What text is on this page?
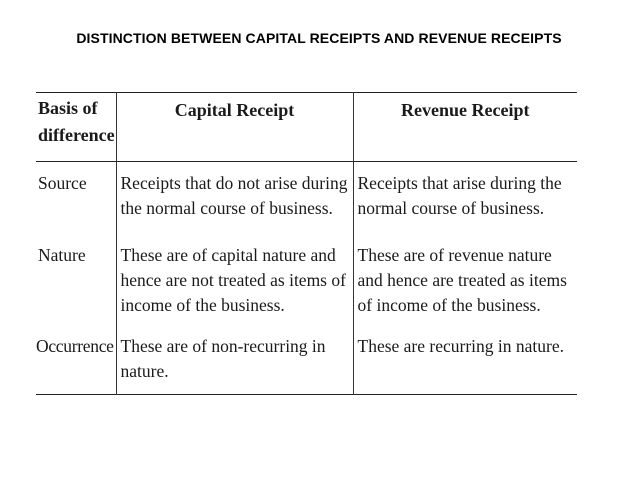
DISTINCTION BETWEEN CAPITAL RECEIPTS AND REVENUE RECEIPTS
Basis of difference	Capital Receipt	Revenue Receipt
Source	Receipts that do not arise during the normal course of business.	Receipts that arise during the normal course of business.
Nature	These are of capital nature and hence are not treated as items of income of the business.	These are of revenue nature and hence are treated as items of income of the business.
Occurrence	These are of non-recurring in nature.	These are recurring in nature.
